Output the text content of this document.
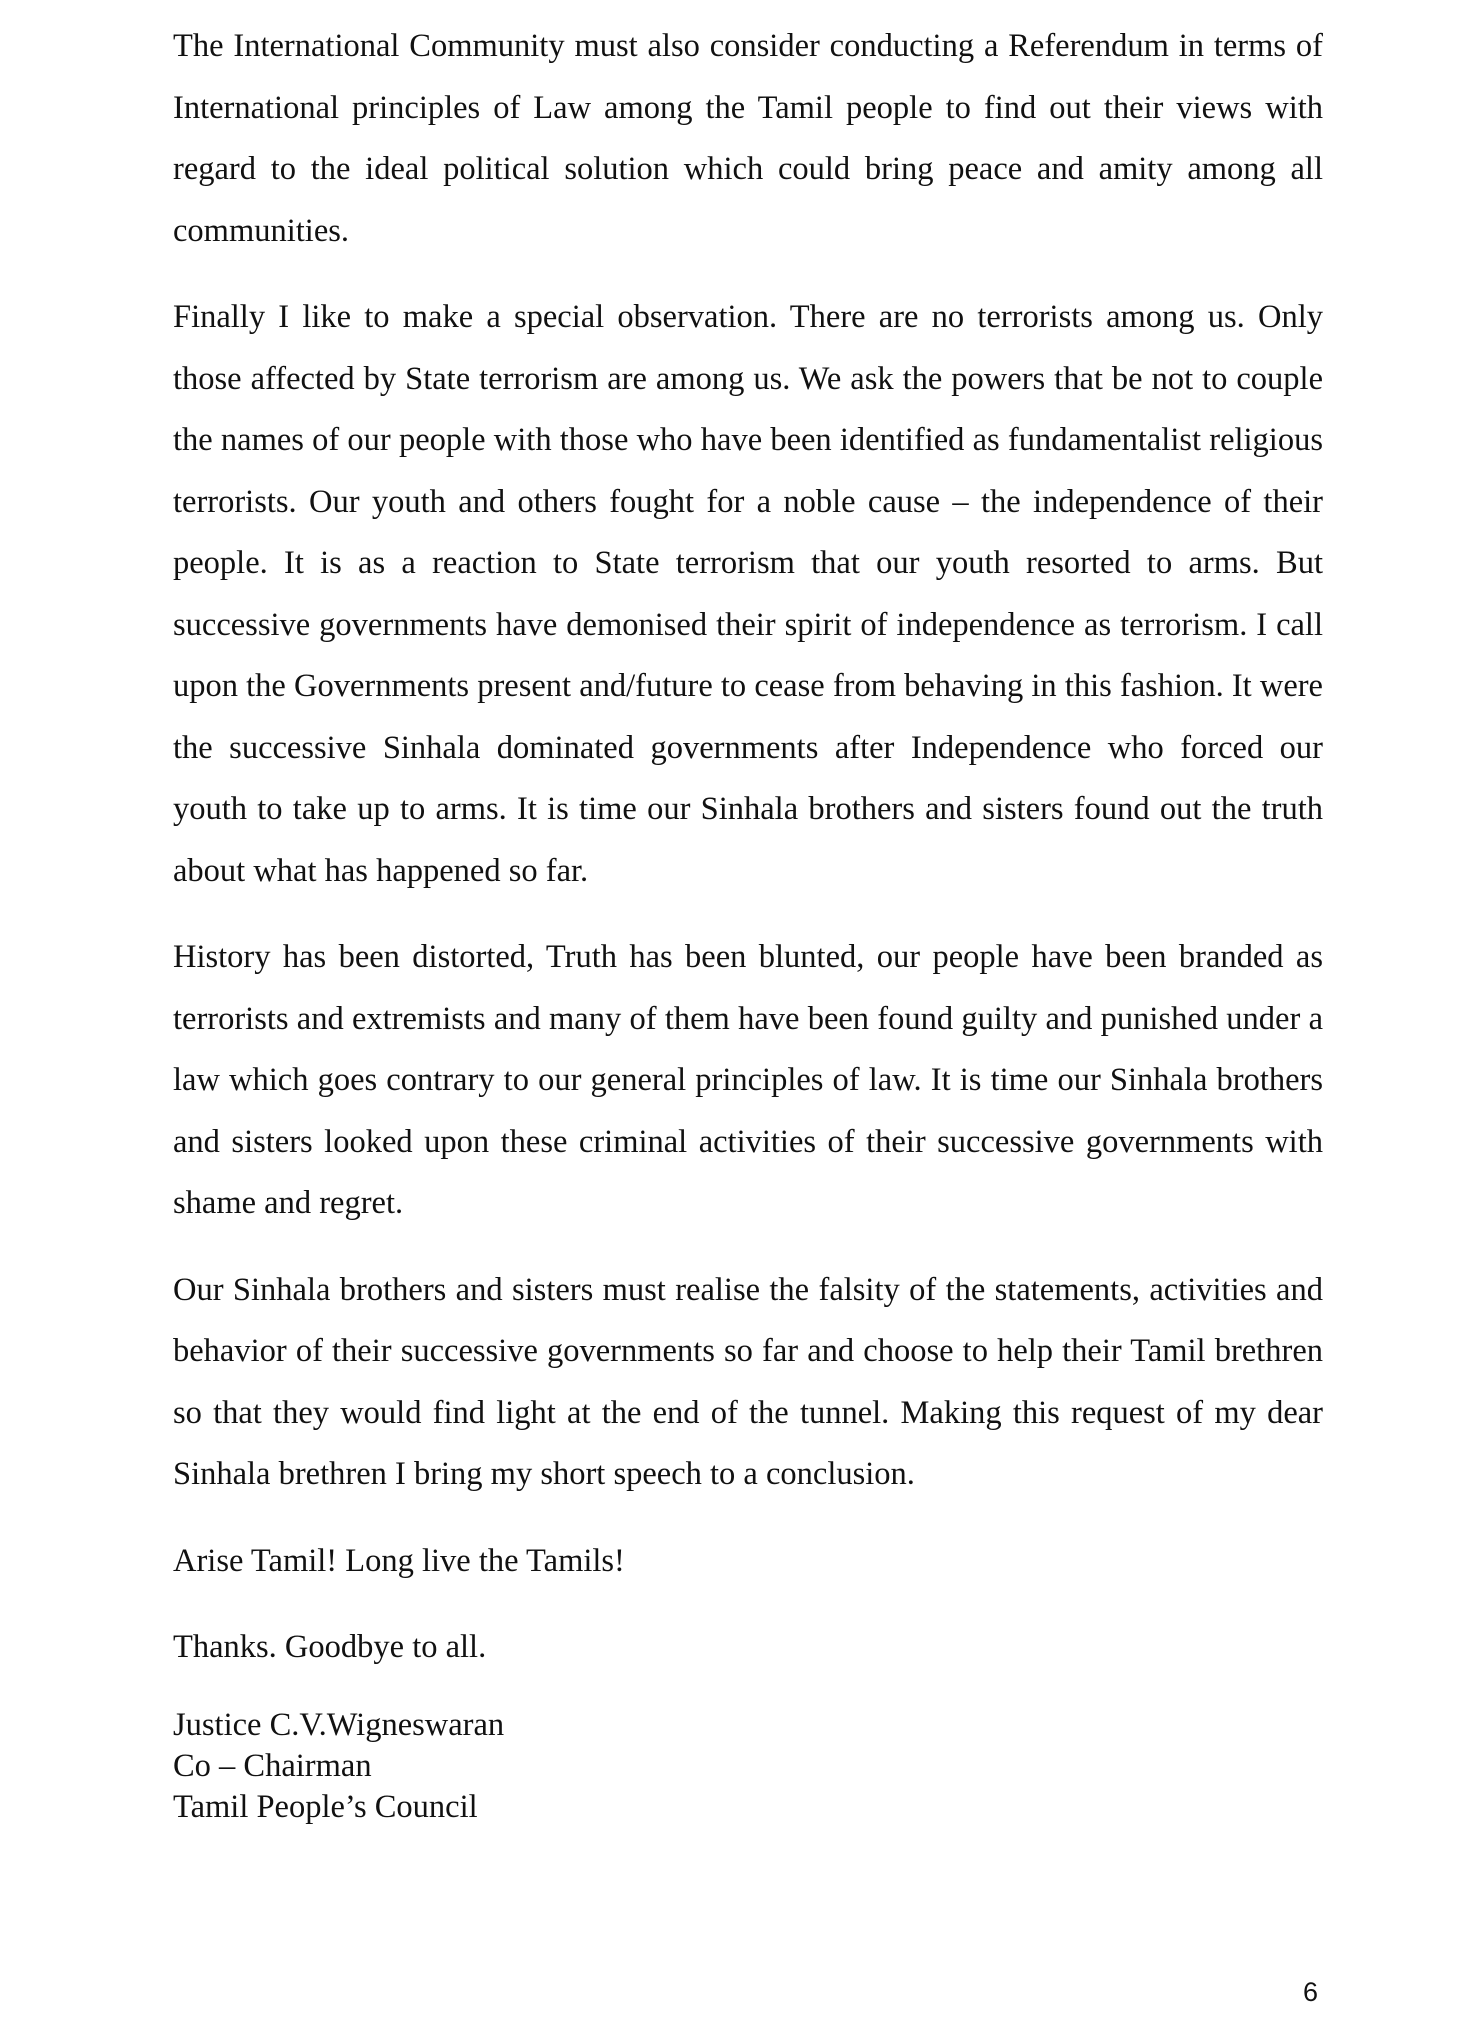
The International Community must also consider conducting a Referendum in terms of International principles of Law among the Tamil people to find out their views with regard to the ideal political solution which could bring peace and amity among all communities.

Finally I like to make a special observation. There are no terrorists among us. Only those affected by State terrorism are among us. We ask the powers that be not to couple the names of our people with those who have been identified as fundamentalist religious terrorists. Our youth and others fought for a noble cause – the independence of their people. It is as a reaction to State terrorism that our youth resorted to arms. But successive governments have demonised their spirit of independence as terrorism. I call upon the Governments present and/future to cease from behaving in this fashion. It were the successive Sinhala dominated governments after Independence who forced our youth to take up to arms. It is time our Sinhala brothers and sisters found out the truth about what has happened so far.

History has been distorted, Truth has been blunted, our people have been branded as terrorists and extremists and many of them have been found guilty and punished under a law which goes contrary to our general principles of law. It is time our Sinhala brothers and sisters looked upon these criminal activities of their successive governments with shame and regret.

Our Sinhala brothers and sisters must realise the falsity of the statements, activities and behavior of their successive governments so far and choose to help their Tamil brethren so that they would find light at the end of the tunnel. Making this request of my dear Sinhala brethren I bring my short speech to a conclusion.

Arise Tamil! Long live the Tamils!

Thanks. Goodbye to all.

Justice C.V.Wigneswaran
Co – Chairman
Tamil People’s Council
6
